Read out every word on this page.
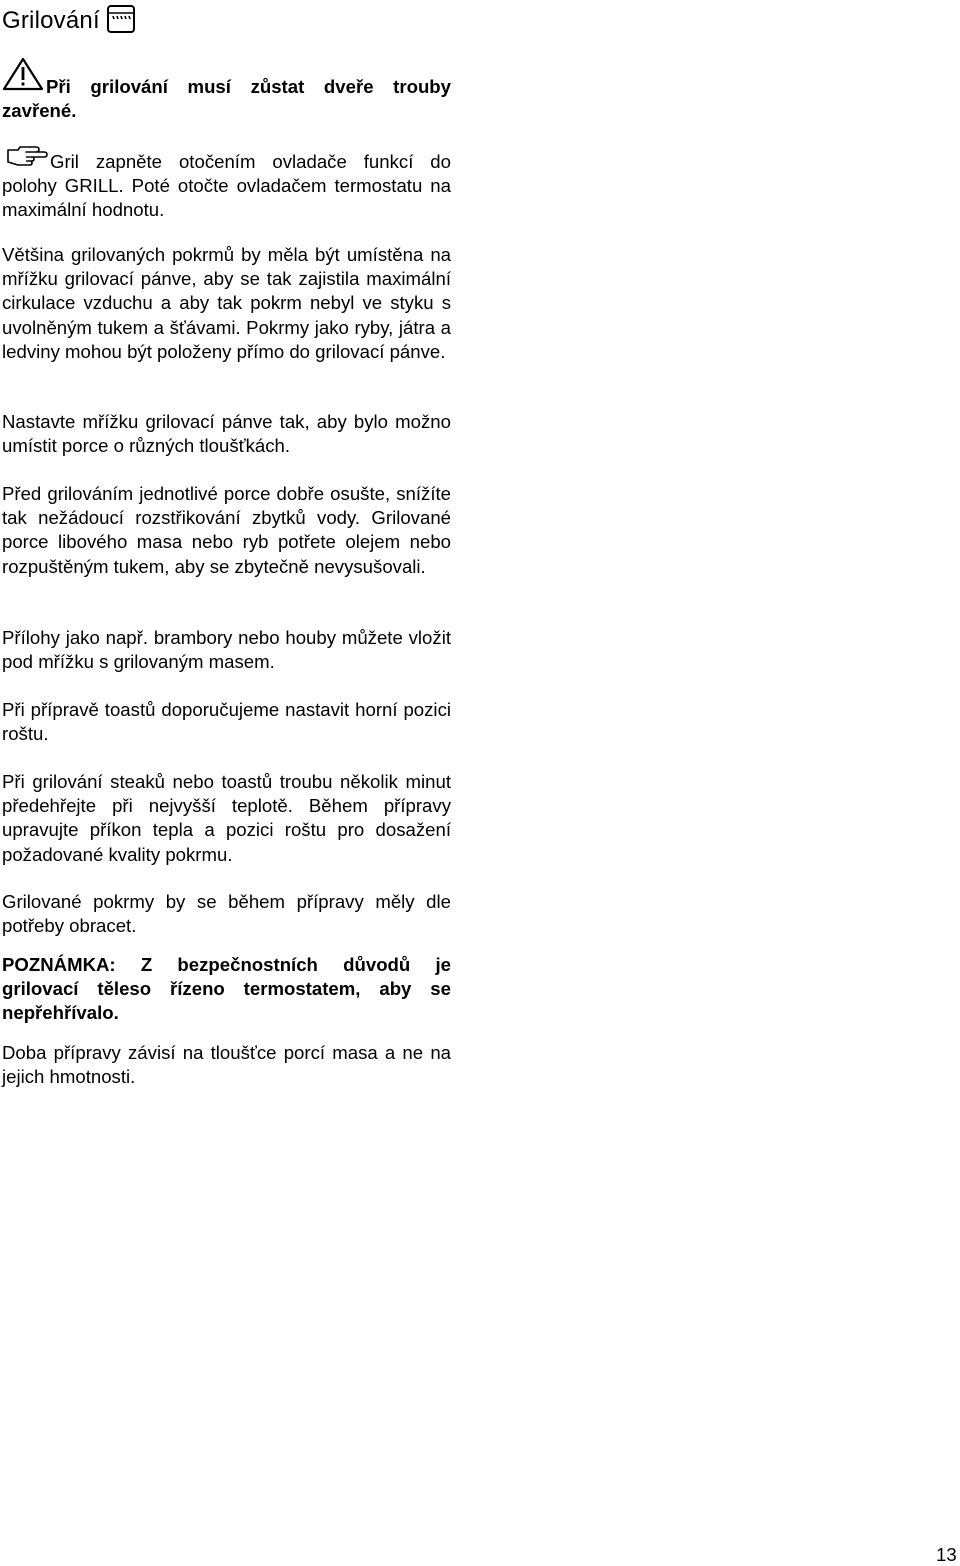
Grilování

Při grilování musí zůstat dveře trouby zavřené.

Gril zapněte otočením ovladače funkcí do polohy GRILL. Poté otočte ovladačem termostatu na maximální hodnotu.

Většina grilovaných pokrmů by měla být umístěna na mřížku grilovací pánve, aby se tak zajistila maximální cirkulace vzduchu a aby tak pokrm nebyl ve styku s uvolněným tukem a šťávami. Pokrmy jako ryby, játra a ledviny mohou být položeny přímo do grilovací pánve.

Nastavte mřížku grilovací pánve tak, aby bylo možno umístit porce o různých tloušťkách.

Před grilováním jednotlivé porce dobře osušte, snížíte tak nežádoucí rozstřikování zbytků vody. Grilované porce libového masa nebo ryb potřete olejem nebo rozpuštěným tukem, aby se zbytečně nevysušovali.

Přílohy jako např. brambory nebo houby můžete vložit pod mřížku s grilovaným masem.

Při přípravě toastů doporučujeme nastavit horní pozici roštu.

Při grilování steaků nebo toastů troubu několik minut předehřejte při nejvyšší teplotě. Během přípravy upravujte příkon tepla a pozici roštu pro dosažení požadované kvality pokrmu.

Grilované pokrmy by se během přípravy měly dle potřeby obracet.

POZNÁMKA: Z bezpečnostních důvodů je grilovací těleso řízeno termostatem, aby se nepřehřívalo.

Doba přípravy závisí na tloušťce porcí masa a ne na jejich hmotnosti.

13
